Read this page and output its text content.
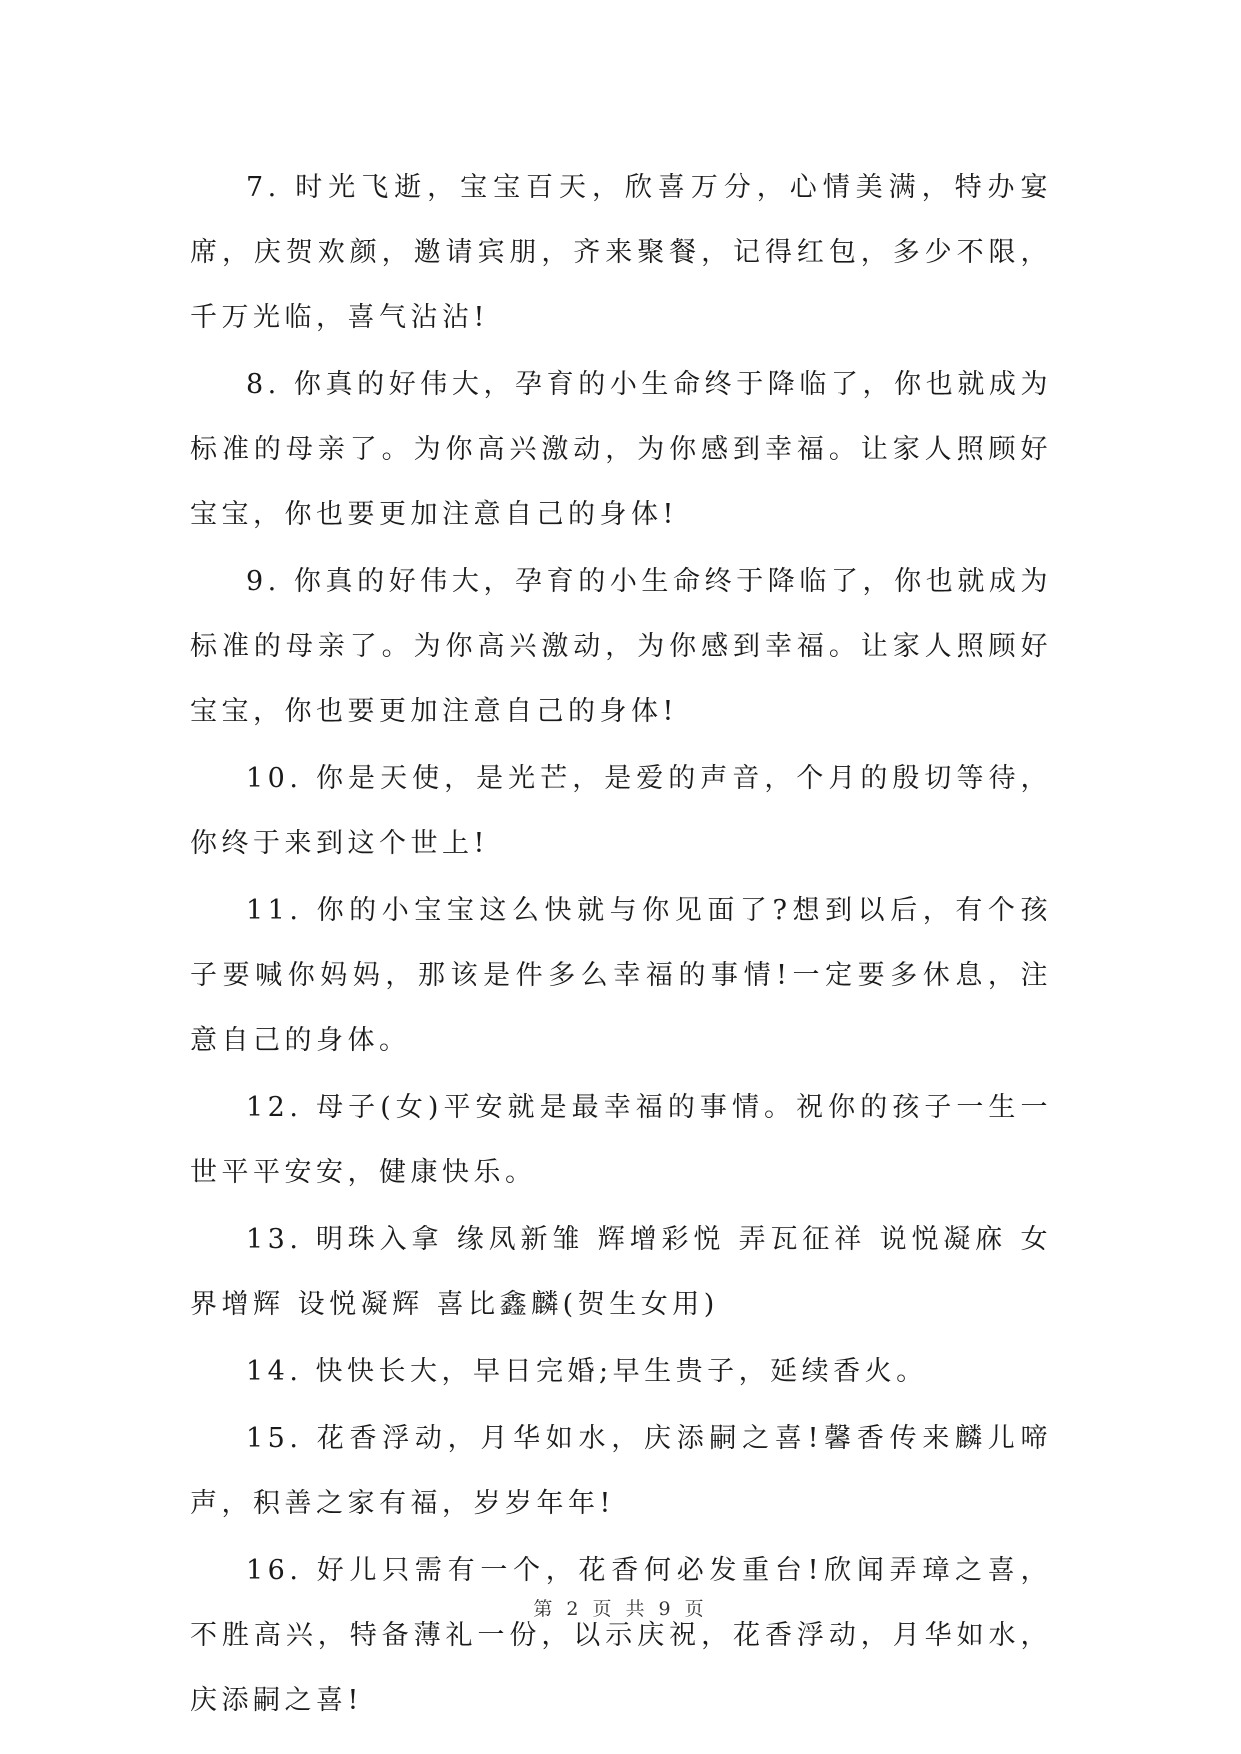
7. 时光飞逝，宝宝百天，欣喜万分，心情美满，特办宴席，庆贺欢颜，邀请宾朋，齐来聚餐，记得红包，多少不限，千万光临，喜气沾沾!

8. 你真的好伟大，孕育的小生命终于降临了，你也就成为标准的母亲了。为你高兴激动，为你感到幸福。让家人照顾好宝宝，你也要更加注意自己的身体!

9. 你真的好伟大，孕育的小生命终于降临了，你也就成为标准的母亲了。为你高兴激动，为你感到幸福。让家人照顾好宝宝，你也要更加注意自己的身体!

10. 你是天使，是光芒，是爱的声音，个月的殷切等待，你终于来到这个世上!

11. 你的小宝宝这么快就与你见面了?想到以后，有个孩子要喊你妈妈，那该是件多么幸福的事情!一定要多休息，注意自己的身体。

12. 母子(女)平安就是最幸福的事情。祝你的孩子一生一世平平安安，健康快乐。

13. 明珠入拿 缘凤新雏 辉增彩悦 弄瓦征祥 说悦凝庥 女界增辉 设悦凝辉 喜比鑫麟(贺生女用)

14. 快快长大，早日完婚;早生贵子，延续香火。

15. 花香浮动，月华如水，庆添嗣之喜!馨香传来麟儿啼声，积善之家有福，岁岁年年!

16. 好儿只需有一个，花香何必发重台!欣闻弄璋之喜，不胜高兴，特备薄礼一份，以示庆祝，花香浮动，月华如水，庆添嗣之喜!

第 2 页 共 9 页
